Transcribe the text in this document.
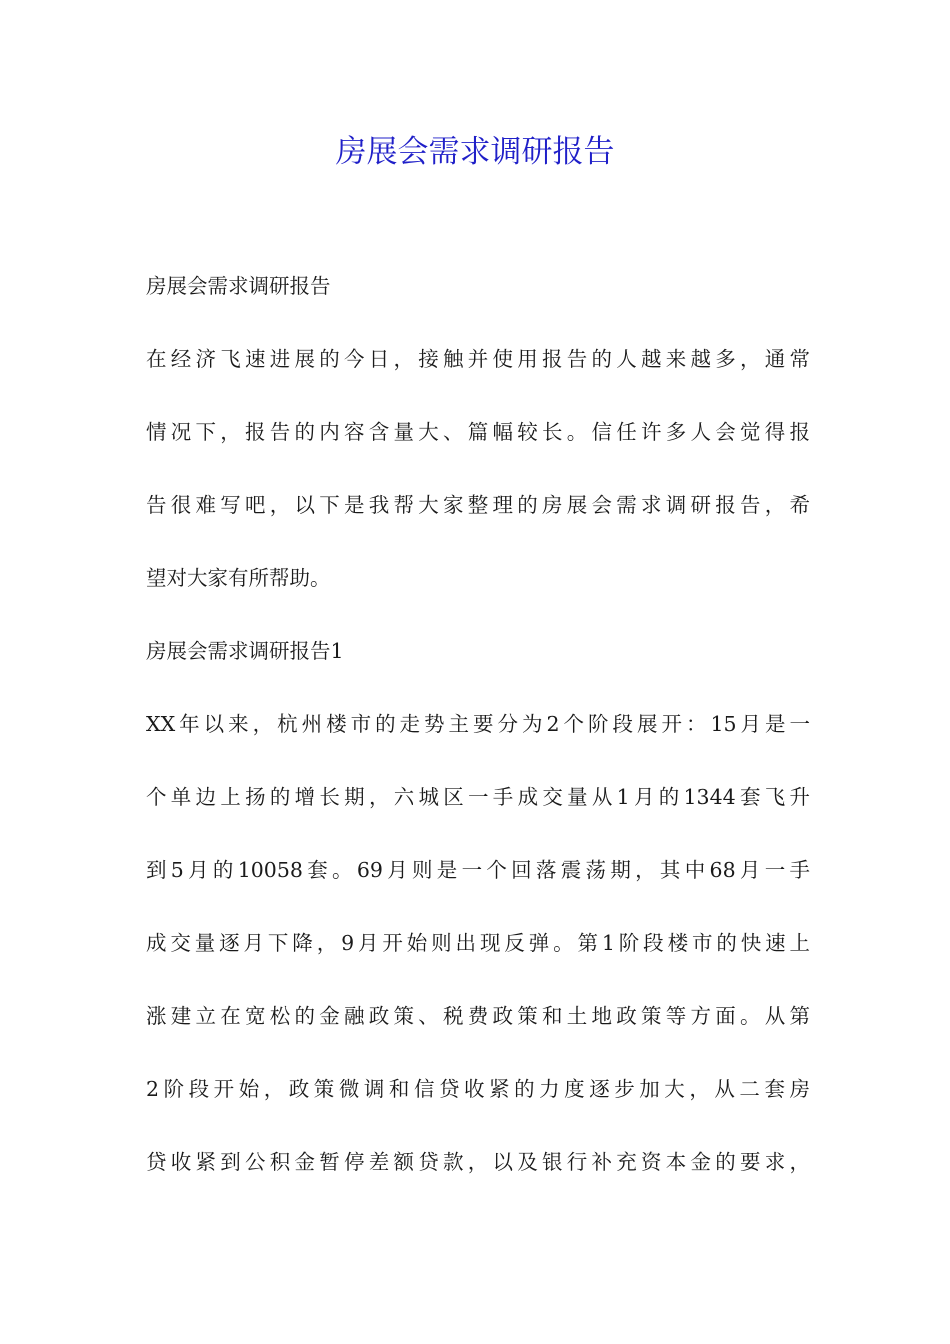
房展会需求调研报告
房展会需求调研报告
在经济飞速进展的今日，接触并使用报告的人越来越多，通常
情况下，报告的内容含量大、篇幅较长。信任许多人会觉得报
告很难写吧，以下是我帮大家整理的房展会需求调研报告，希
望对大家有所帮助。
房展会需求调研报告1
XX年以来，杭州楼市的走势主要分为2个阶段展开：15月是一
个单边上扬的增长期，六城区一手成交量从1月的1344套飞升
到5月的10058套。69月则是一个回落震荡期，其中68月一手
成交量逐月下降，9月开始则出现反弹。第1阶段楼市的快速上
涨建立在宽松的金融政策、税费政策和土地政策等方面。从第
2阶段开始，政策微调和信贷收紧的力度逐步加大，从二套房
贷收紧到公积金暂停差额贷款，以及银行补充资本金的要求，
